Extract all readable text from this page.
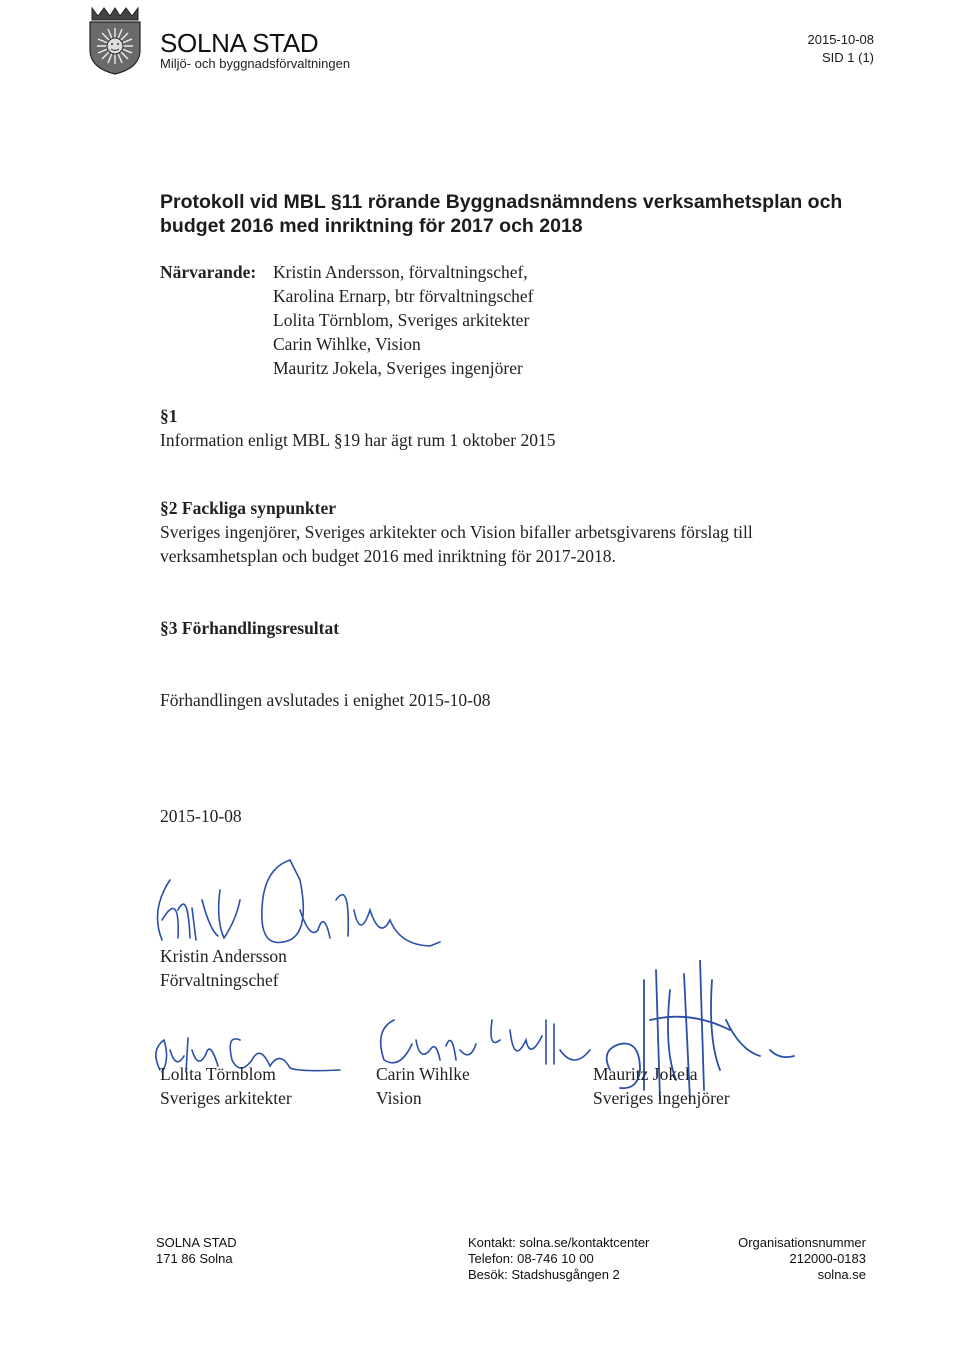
SOLNA STAD
Miljö- och byggnadsförvaltningen
2015-10-08
SID 1 (1)
Protokoll vid MBL §11 rörande Byggnadsnämndens verksamhetsplan och budget 2016 med inriktning för 2017 och 2018
Närvarande: Kristin Andersson, förvaltningschef,
Karolina Ernarp, btr förvaltningschef
Lolita Törnblom, Sveriges arkitekter
Carin Wihlke, Vision
Mauritz Jokela, Sveriges ingenjörer
§1
Information enligt MBL §19 har ägt rum 1 oktober 2015
§2 Fackliga synpunkter
Sveriges ingenjörer, Sveriges arkitekter och Vision bifaller arbetsgivarens förslag till verksamhetsplan och budget 2016 med inriktning för 2017-2018.
§3 Förhandlingsresultat
Förhandlingen avslutades i enighet 2015-10-08
2015-10-08
Kristin Andersson
Förvaltningschef
Lolita Törnblom
Sveriges arkitekter
Carin Wihlke
Vision
Mauritz Jokela
Sveriges ingenjörer
SOLNA STAD
171 86 Solna
Kontakt: solna.se/kontaktcenter
Telefon: 08-746 10 00
Besök: Stadshusgången 2
Organisationsnummer
212000-0183
solna.se
